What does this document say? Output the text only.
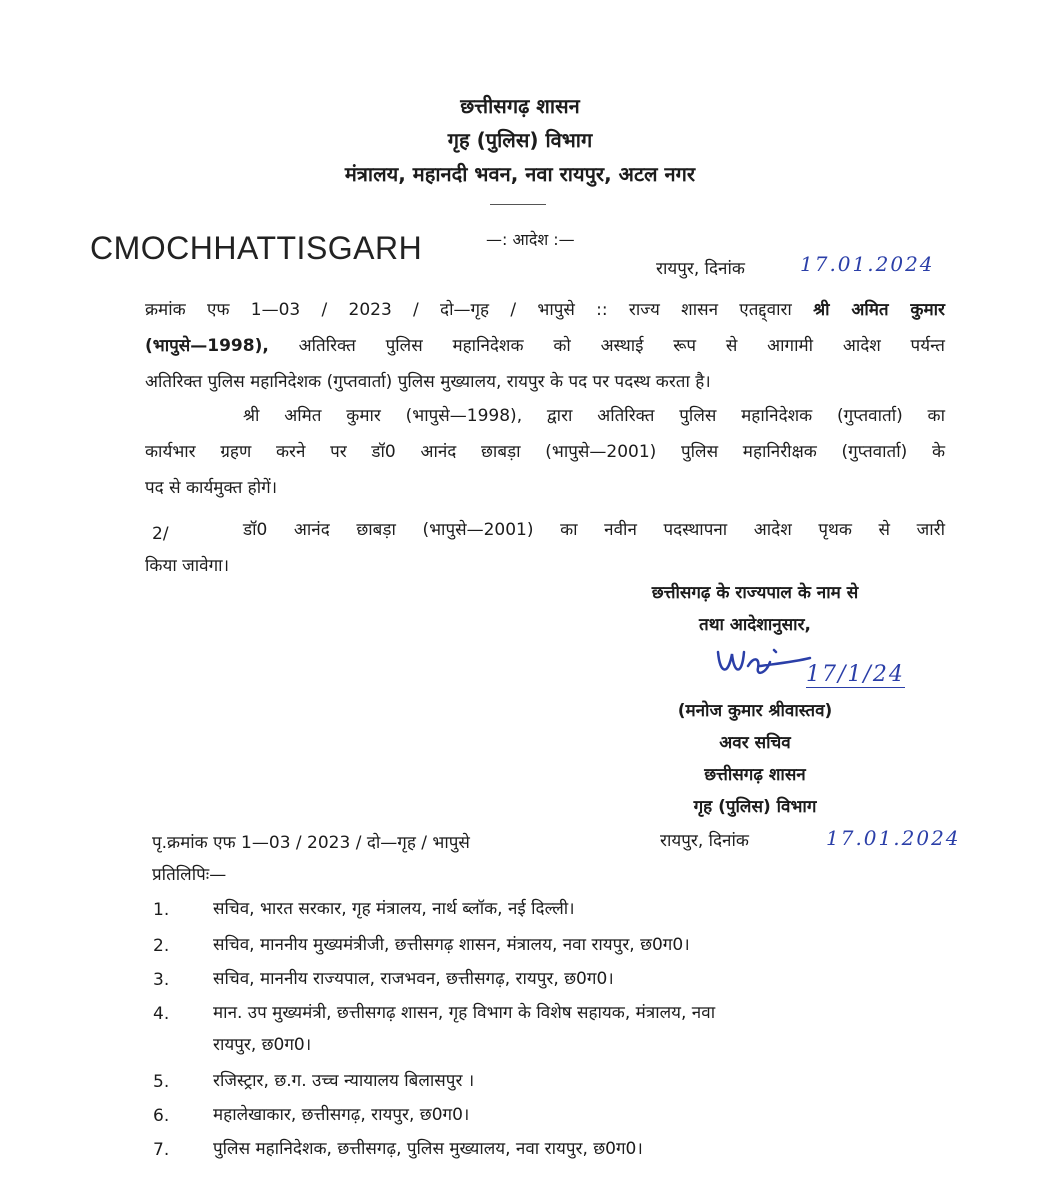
छत्तीसगढ़ शासन
गृह (पुलिस) विभाग
मंत्रालय, महानदी भवन, नवा रायपुर, अटल नगर
CMOCHHATTISGARH	—: आदेश :—
रायपुर, दिनांक	17.01.2024
क्रमांक एफ 1—03 / 2023 / दो—गृह / भापुसे :: राज्य शासन एतद्द्वारा श्री अमित कुमार
(भापुसे—1998), अतिरिक्त पुलिस महानिदेशक को अस्थाई रूप से आगामी आदेश पर्यन्त
अतिरिक्त पुलिस महानिदेशक (गुप्तवार्ता) पुलिस मुख्यालय, रायपुर के पद पर पदस्थ करता है।
श्री अमित कुमार (भापुसे—1998), द्वारा अतिरिक्त पुलिस महानिदेशक (गुप्तवार्ता) का
कार्यभार ग्रहण करने पर डॉ0 आनंद छाबड़ा (भापुसे—2001) पुलिस महानिरीक्षक (गुप्तवार्ता) के
पद से कार्यमुक्त होगें।
2/	डॉ0 आनंद छाबड़ा (भापुसे—2001) का नवीन पदस्थापना आदेश पृथक से जारी
किया जावेगा।
छत्तीसगढ़ के राज्यपाल के नाम से
तथा आदेशानुसार,
17/1/24
(मनोज कुमार श्रीवास्तव)
अवर सचिव
छत्तीसगढ़ शासन
गृह (पुलिस) विभाग
पृ.क्रमांक एफ 1—03 / 2023 / दो—गृह / भापुसे	रायपुर, दिनांक	17.01.2024
प्रतिलिपिः—
1.	सचिव, भारत सरकार, गृह मंत्रालय, नार्थ ब्लॉक, नई दिल्ली।
2.	सचिव, माननीय मुख्यमंत्रीजी, छत्तीसगढ़ शासन, मंत्रालय, नवा रायपुर, छ0ग0।
3.	सचिव, माननीय राज्यपाल, राजभवन, छत्तीसगढ़, रायपुर, छ0ग0।
4.	मान. उप मुख्यमंत्री, छत्तीसगढ़ शासन, गृह विभाग के विशेष सहायक, मंत्रालय, नवा
रायपुर, छ0ग0।
5.	रजिस्ट्रार, छ.ग. उच्च न्यायालय बिलासपुर ।
6.	महालेखाकार, छत्तीसगढ़, रायपुर, छ0ग0।
7.	पुलिस महानिदेशक, छत्तीसगढ़, पुलिस मुख्यालय, नवा रायपुर, छ0ग0।
